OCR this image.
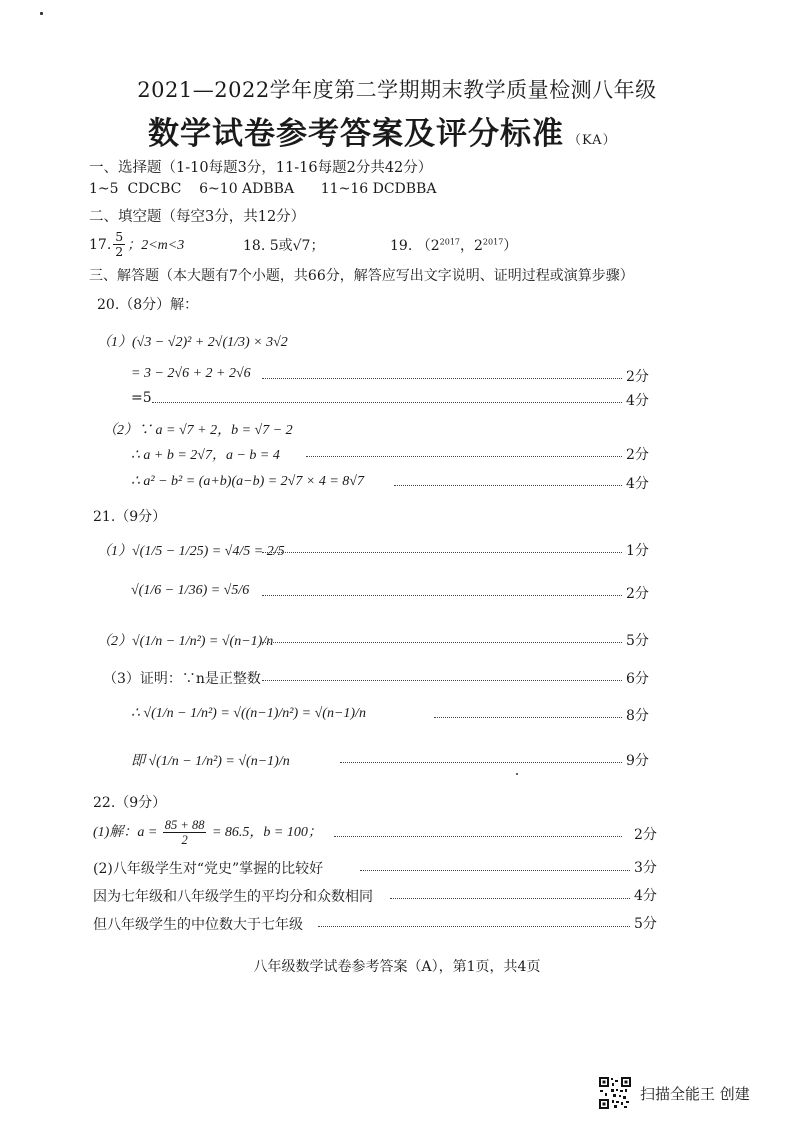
2021—2022学年度第二学期期末教学质量检测八年级
数学试卷参考答案及评分标准 （KA）
一、选择题（1-10每题3分，11-16每题2分共42分）
1~5  CDCBC    6~10 ADBBA      11~16 DCDBBA
二、填空题（每空3分，共12分）
17. $\frac{5}{2}$ ；2<m<3	18. 5或√7；	19. （$2^{2017}$，$2^{2017}$）
三、解答题（本大题有7个小题，共66分，解答应写出文字说明、证明过程或演算步骤）
20.（8分）解：
（1）(√3 − √2)² + 2√(1/3) × 3√2
= 3 − 2√6 + 2 + 2√6	2分
=5	4分
（2）∵ a = √7 + 2，b = √7 − 2
∴ a + b = 2√7，a − b = 4	2分
∴ a² − b² = (a+b)(a−b) = 2√7 × 4 = 8√7	4分
21.（9分）
（1）√(1/5 − 1/25) = √4/5 = 2/5	1分
√(1/6 − 1/36) = √5/6	2分
（2）√(1/n − 1/n²) = √(n−1)/n	5分
（3）证明：∵n是正整数	6分
∴ √(1/n − 1/n²) = √((n−1)/n²) = √(n−1)/n	8分
即 √(1/n − 1/n²) = √(n−1)/n	9分
22.（9分）
(1)解：$a = \frac{85 + 88}{2} = 86.5$，b = 100；	2分
(2)八年级学生对“党史”掌握的比较好	3分
因为七年级和八年级学生的平均分和众数相同	4分
但八年级学生的中位数大于七年级	5分
八年级数学试卷参考答案（A），第1页，共4页
扫描全能王 创建
